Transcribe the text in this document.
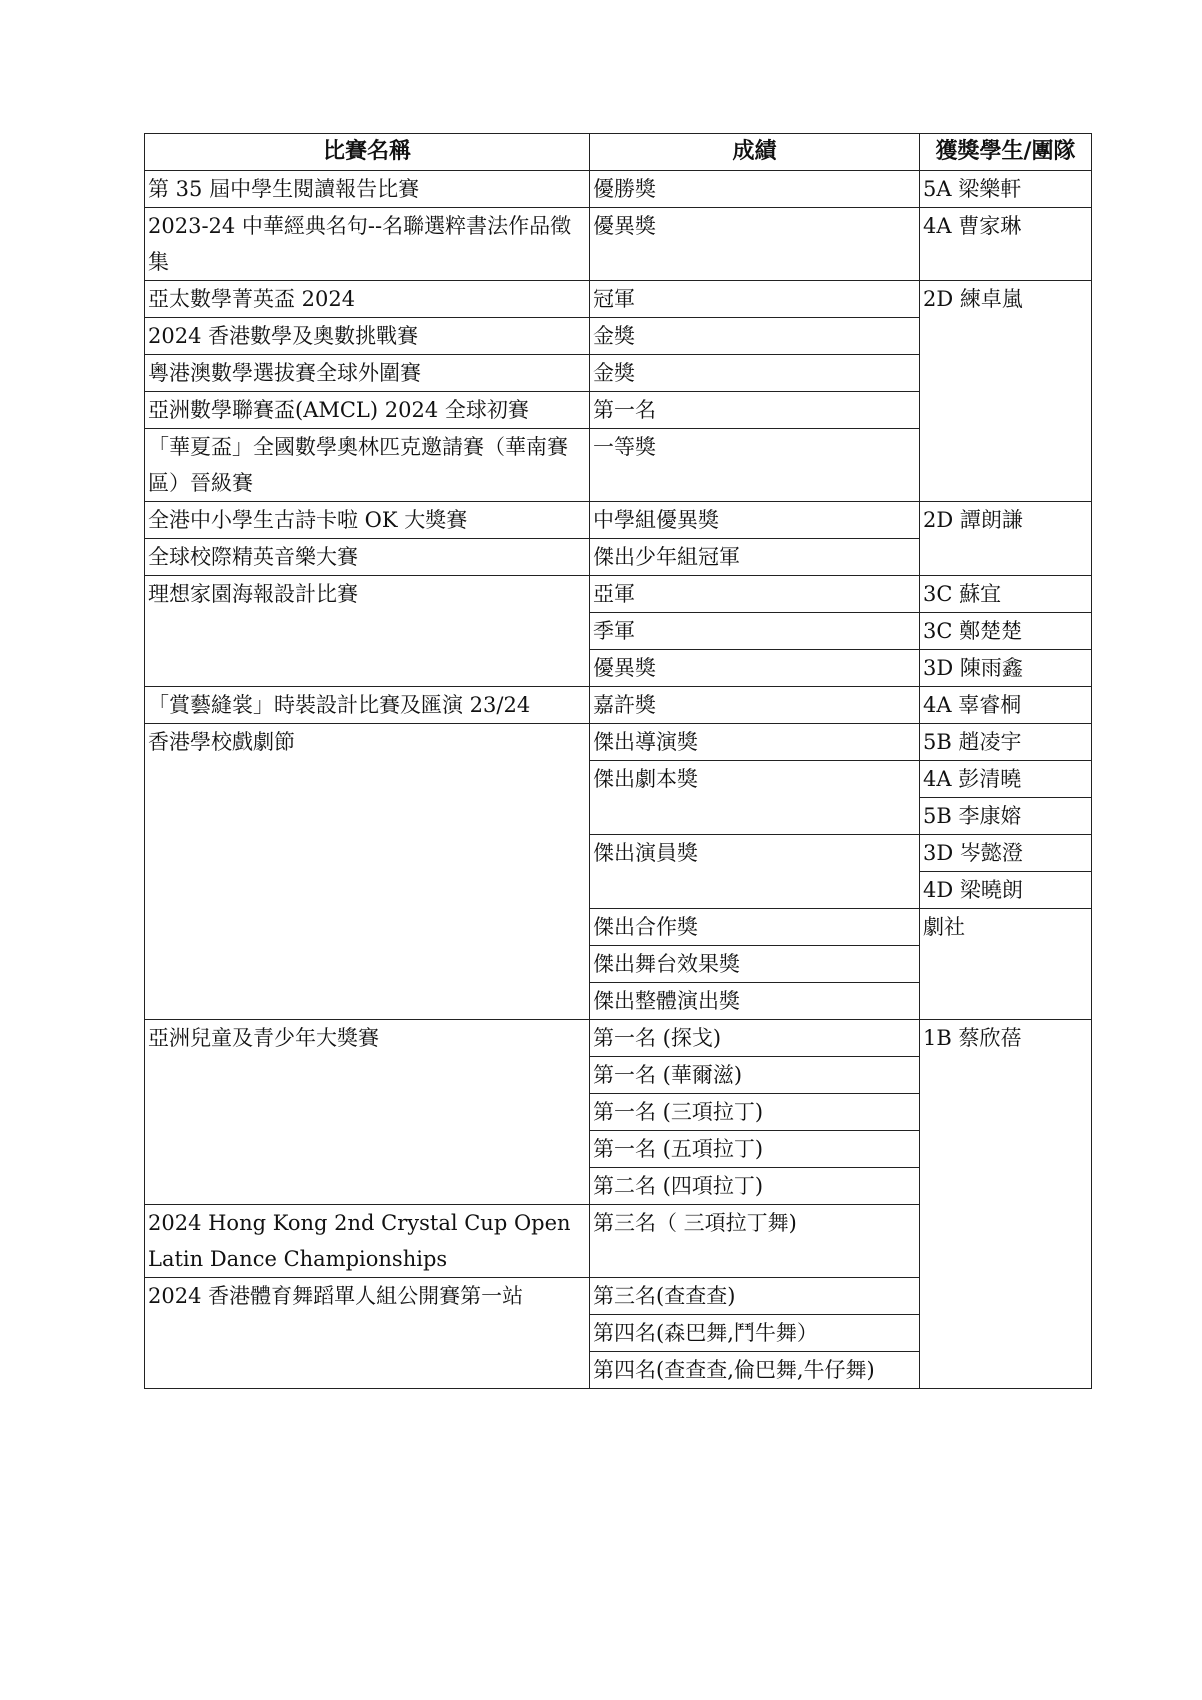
比賽名稱	成績	獲獎學生/團隊
第 35 屆中學生閱讀報告比賽	優勝獎	5A 梁樂軒
2023-24 中華經典名句--名聯選粹書法作品徵集	優異獎	4A 曹家琳
亞太數學菁英盃 2024	冠軍	2D 練卓嵐
2024 香港數學及奧數挑戰賽	金獎	
粵港澳數學選拔賽全球外圍賽	金獎	
亞洲數學聯賽盃(AMCL) 2024 全球初賽	第一名	
「華夏盃」全國數學奧林匹克邀請賽（華南賽區）晉級賽	一等獎	
全港中小學生古詩卡啦 OK 大獎賽	中學組優異獎	2D 譚朗謙
全球校際精英音樂大賽	傑出少年組冠軍	
理想家園海報設計比賽	亞軍	3C 蘇宜
	季軍	3C 鄭楚楚
	優異獎	3D 陳雨鑫
「賞藝縫裳」時裝設計比賽及匯演 23/24	嘉許獎	4A 辜睿桐
香港學校戲劇節	傑出導演獎	5B 趙凌宇
	傑出劇本獎	4A 彭清曉
		5B 李康嫆
	傑出演員獎	3D 岑懿澄
		4D 梁曉朗
	傑出合作獎	劇社
	傑出舞台效果獎	
	傑出整體演出獎	
亞洲兒童及青少年大獎賽	第一名 (探戈)	1B 蔡欣蓓
	第一名 (華爾滋)	
	第一名 (三項拉丁)	
	第一名 (五項拉丁)	
	第二名 (四項拉丁)	
2024 Hong Kong 2nd Crystal Cup Open Latin Dance Championships	第三名（ 三項拉丁舞)	
2024 香港體育舞蹈單人組公開賽第一站	第三名(查查查)	
	第四名(森巴舞,鬥牛舞）	
	第四名(查查查,倫巴舞,牛仔舞)	
